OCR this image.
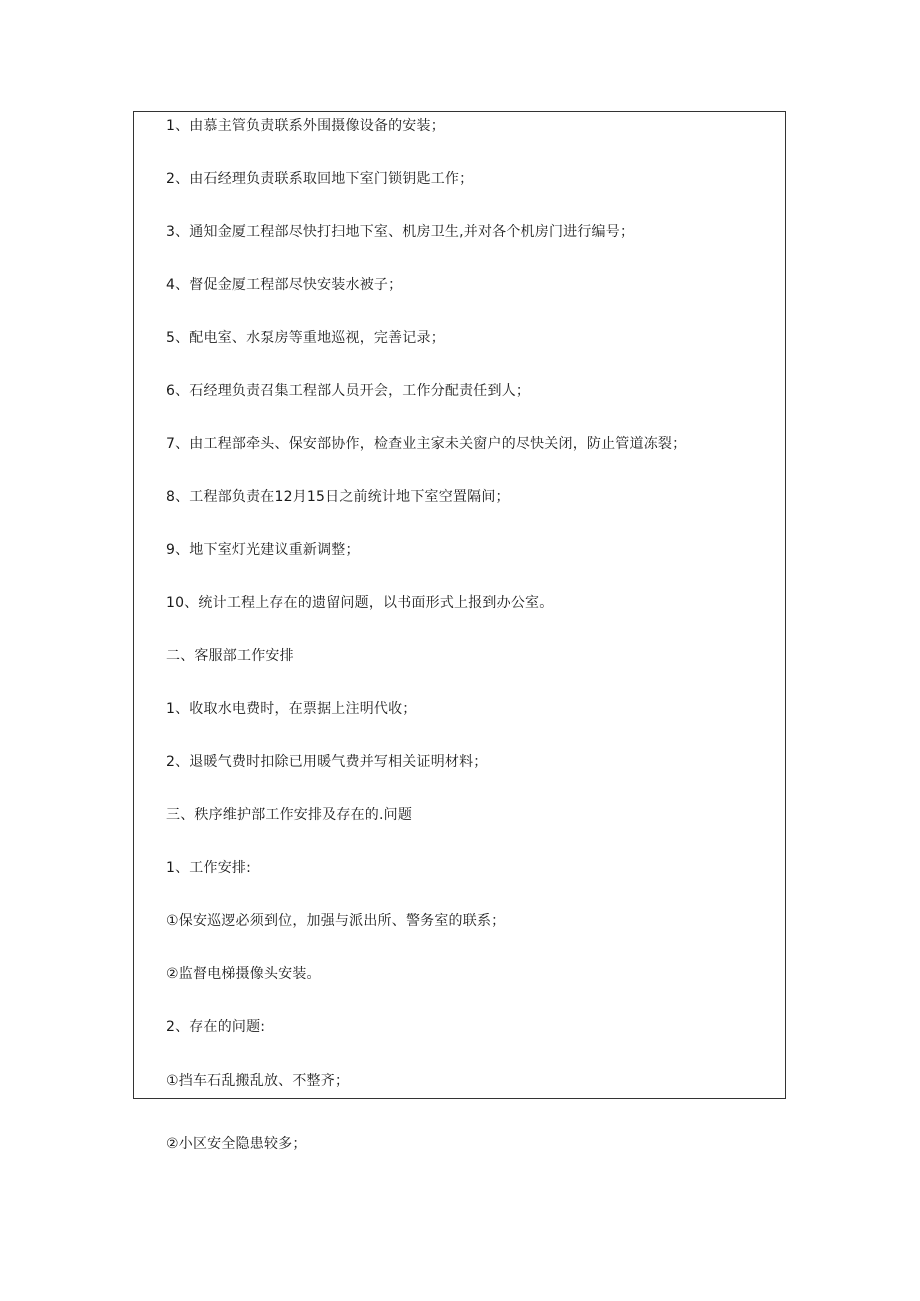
1、由慕主管负责联系外围摄像设备的安装；
2、由石经理负责联系取回地下室门锁钥匙工作；
3、通知金厦工程部尽快打扫地下室、机房卫生,并对各个机房门进行编号；
4、督促金厦工程部尽快安装水被子；
5、配电室、水泵房等重地巡视，完善记录；
6、石经理负责召集工程部人员开会，工作分配责任到人；
7、由工程部牵头、保安部协作，检查业主家未关窗户的尽快关闭，防止管道冻裂；
8、工程部负责在12月15日之前统计地下室空置隔间；
9、地下室灯光建议重新调整；
10、统计工程上存在的遗留问题，以书面形式上报到办公室。
二、客服部工作安排
1、收取水电费时，在票据上注明代收；
2、退暖气费时扣除已用暖气费并写相关证明材料；
三、秩序维护部工作安排及存在的.问题
1、工作安排:
①保安巡逻必须到位，加强与派出所、警务室的联系；
②监督电梯摄像头安装。
2、存在的问题:
①挡车石乱搬乱放、不整齐；
②小区安全隐患较多；
